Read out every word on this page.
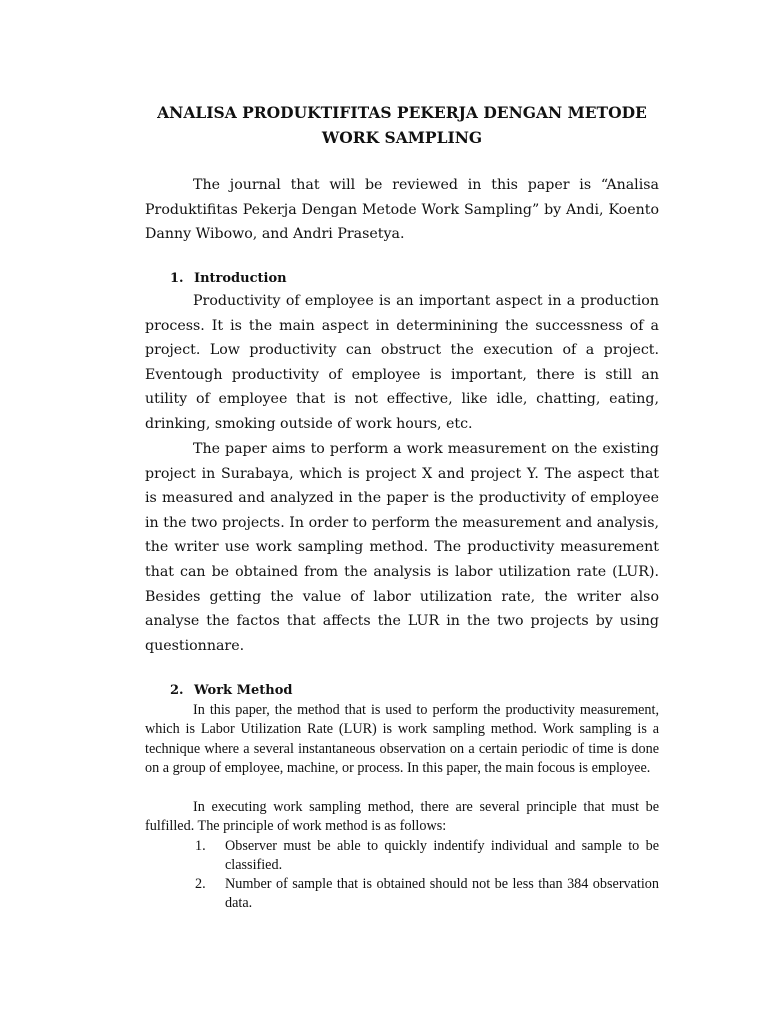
ANALISA PRODUKTIFITAS PEKERJA DENGAN METODE
WORK SAMPLING

The journal that will be reviewed in this paper is “Analisa Produktifitas Pekerja Dengan Metode Work Sampling” by Andi, Koento Danny Wibowo, and Andri Prasetya.

1. Introduction

Productivity of employee is an important aspect in a production process. It is the main aspect in determinining the successness of a project. Low productivity can obstruct the execution of a project. Eventough productivity of employee is important, there is still an utility of employee that is not effective, like idle, chatting, eating, drinking, smoking outside of work hours, etc.

The paper aims to perform a work measurement on the existing project in Surabaya, which is project X and project Y. The aspect that is measured and analyzed in the paper is the productivity of employee in the two projects. In order to perform the measurement and analysis, the writer use work sampling method. The productivity measurement that can be obtained from the analysis is labor utilization rate (LUR). Besides getting the value of labor utilization rate, the writer also analyse the factos that affects the LUR in the two projects by using questionnare.

2. Work Method

In this paper, the method that is used to perform the productivity measurement, which is Labor Utilization Rate (LUR) is work sampling method. Work sampling is a technique where a several instantaneous observation on a certain periodic of time is done on a group of employee, machine, or process. In this paper, the main focous is employee.

In executing work sampling method, there are several principle that must be fulfilled. The principle of work method is as follows:

1.	Observer must be able to quickly indentify individual and sample to be classified.
2.	Number of sample that is obtained should not be less than 384 observation data.
